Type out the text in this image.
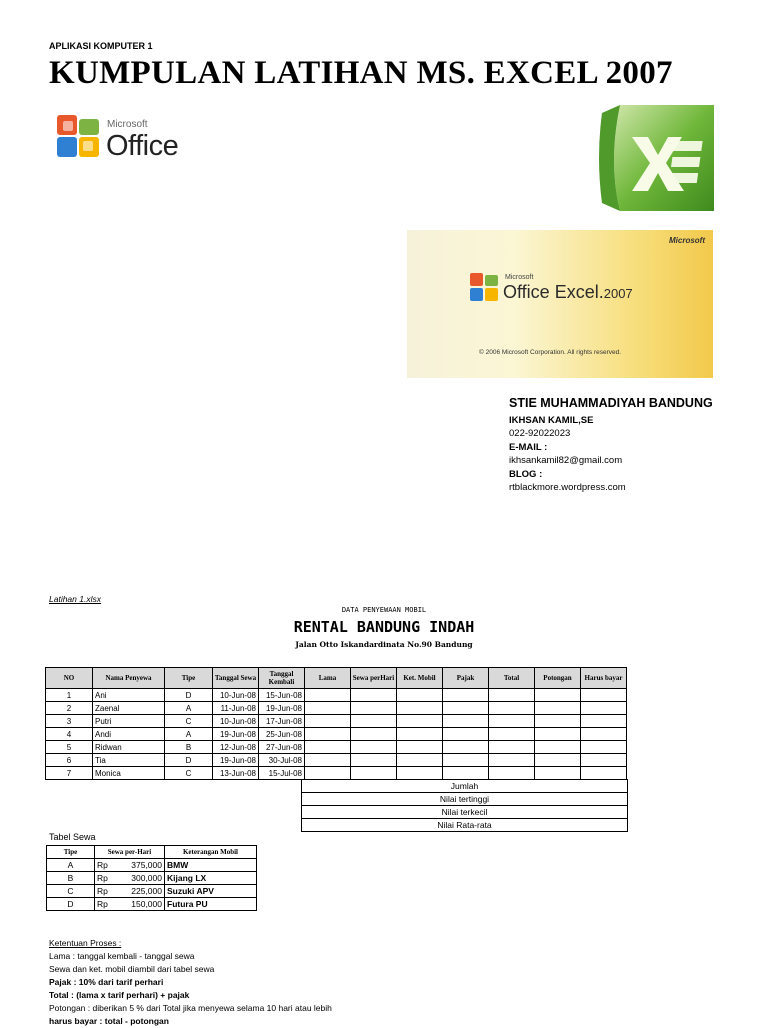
APLIKASI KOMPUTER 1
KUMPULAN LATIHAN MS. EXCEL 2007
Microsoft
Office
Microsoft
Microsoft
Office Excel.2007
© 2006 Microsoft Corporation. All rights reserved.
STIE MUHAMMADIYAH BANDUNG
IKHSAN KAMIL,SE
022-92022023
E-MAIL :
ikhsankamil82@gmail.com
BLOG :
rtblackmore.wordpress.com
Latihan 1.xlsx
DATA PENYEWAAN MOBIL
RENTAL BANDUNG INDAH
Jalan Otto Iskandardinata No.90 Bandung
NO	Nama Penyewa	Tipe	Tanggal Sewa	Tanggal Kembali	Lama	Sewa perHari	Ket. Mobil	Pajak	Total	Potongan	Harus bayar
1	Ani	D	10-Jun-08	15-Jun-08							
2	Zaenal	A	11-Jun-08	19-Jun-08							
3	Putri	C	10-Jun-08	17-Jun-08							
4	Andi	A	19-Jun-08	25-Jun-08							
5	Ridwan	B	12-Jun-08	27-Jun-08							
6	Tia	D	19-Jun-08	30-Jul-08							
7	Monica	C	13-Jun-08	15-Jul-08							
Jumlah
Nilai tertinggi
Nilai terkecil
Nilai Rata-rata
Tabel Sewa
Tipe	Sewa per-Hari	Keterangan Mobil
A	Rp 375,000	BMW
B	Rp 300,000	Kijang LX
C	Rp 225,000	Suzuki APV
D	Rp 150,000	Futura PU
Ketentuan Proses :
Lama : tanggal kembali - tanggal sewa
Sewa dan ket. mobil diambil dari tabel sewa
Pajak : 10% dari tarif perhari
Total : (lama x tarif perhari) + pajak
Potongan : diberikan 5 % dari Total jika menyewa selama 10 hari atau lebih
harus bayar : total - potongan
